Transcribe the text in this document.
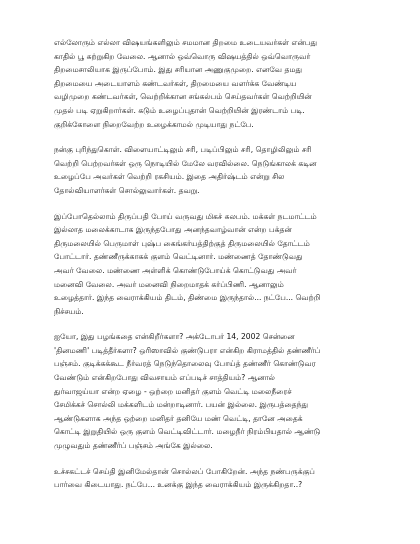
எல்லோரும் எல்லா விஷயங்களிலும் சமமான திறமை உடையவர்கள் என்பது
காதில் பூ சுற்றுகிற வேலை. ஆனால் ஒவ்வொரு விஷயத்தில் ஒவ்வொருவர்
திறமைசாலியாக இருப்போம். இது சரியான அணுகுமுறை. எனவே தமது
திறமையை அடையாளம் கண்டவர்கள், திறமையை வளர்க்க வேண்டிய
வழிமுறை கண்டவர்கள், வெற்றிக்கான சங்கல்பம் செய்தவர்கள் வெற்றியின்
முதல் படி ஏறுகிறார்கள். கடும் உழைப்புதான் வெற்றியின் இரண்டாம் படி.
குறிக்கோளை நிறைவேற்ற உழைக்காமல் முடியாது நட்பே.
நன்கு புரிந்துகொள். விளையாட்டிலும் சரி, படிப்பிலும் சரி, தொழிலிலும் சரி
வெற்றி பெற்றவர்கள் ஒரு நொடியில் மேலே வரவில்லை. நெடுங்காலக் கடின
உழைப்பே அவர்கள் வெற்றி ரகசியம். இதை அதிர்ஷ்டம் என்று சில
தோல்வியாளர்கள் சொல்லுவார்கள். தவறு.
இப்போதெல்லாம் திருப்பதி போய் வருவது மிகச் சுலபம். மக்கள் நடமாட்டம்
இல்லாத மலைக்காடாக இருந்தபோது அனந்தவாழ்வான் என்ற பக்தன்
திருமலையில் பெருமாள் புஷ்ப கைங்கர்யத்திற்குத் திருமலையில் தோட்டம்
போட்டார். தண்ணீருக்காகக் குளம் வெட்டினார். மண்ணைத் தோண்டுவது
அவர் வேலை. மண்ணை அள்ளிக் கொண்டுபோய்க் கொட்டுவது அவர்
மனைவி வேலை. அவர் மனைவி நிறைமாதக் கர்ப்பிணி. ஆனாலும்
உழைத்தார். இந்த வைராக்கியம் திடம், திண்மை இருந்தால்... நட்பே... வெற்றி
நிச்சயம்.
ஐயோ, இது பழங்கதை என்கிறீர்களா? அக்டோபர் 14, 2002 சென்னை
'தினமணி' படித்தீர்களா? ஒரிஸாவில் குண்டுபரா என்கிற கிராமத்தில் தண்ணீர்ப்
பஞ்சம். குடிக்கக்கூட நீர்வரத் நெடுந்தொலைவு போய்த் தண்ணீர் கொண்டுவர
வேண்டும் என்கிறபோது விவசாயம் எப்படிச் சாத்தியம்? ஆனால்
துர்வாஜய்யா என்ற ஏழை - ஒற்றை மனிதர் குளம் வெட்டி மலைநீரைச்
சேமிக்கச் சொல்லி மக்களிடம் மன்றாடினார். பயன் இல்லை. இருபத்தைந்து
ஆண்டுகளாக அந்த ஒற்றை மனிதர் தனியே மண் வெட்டி, தானே அதைக்
கொட்டி இறுதியில் ஒரு குளம் வெட்டிவிட்டார். மழைநீர் நிரம்பியதால் ஆண்டு
முழுவதும் தண்ணீர்ப் பஞ்சம் அங்கே இல்லை.
உச்சகட்டச் செய்தி இனிமேல்தான் சொல்லப் போகிறேன். அந்த நண்பருக்குப்
பார்வை கிடையாது. நட்பே... உனக்கு இந்த வைராக்கியம் இருக்கிறதா..?
